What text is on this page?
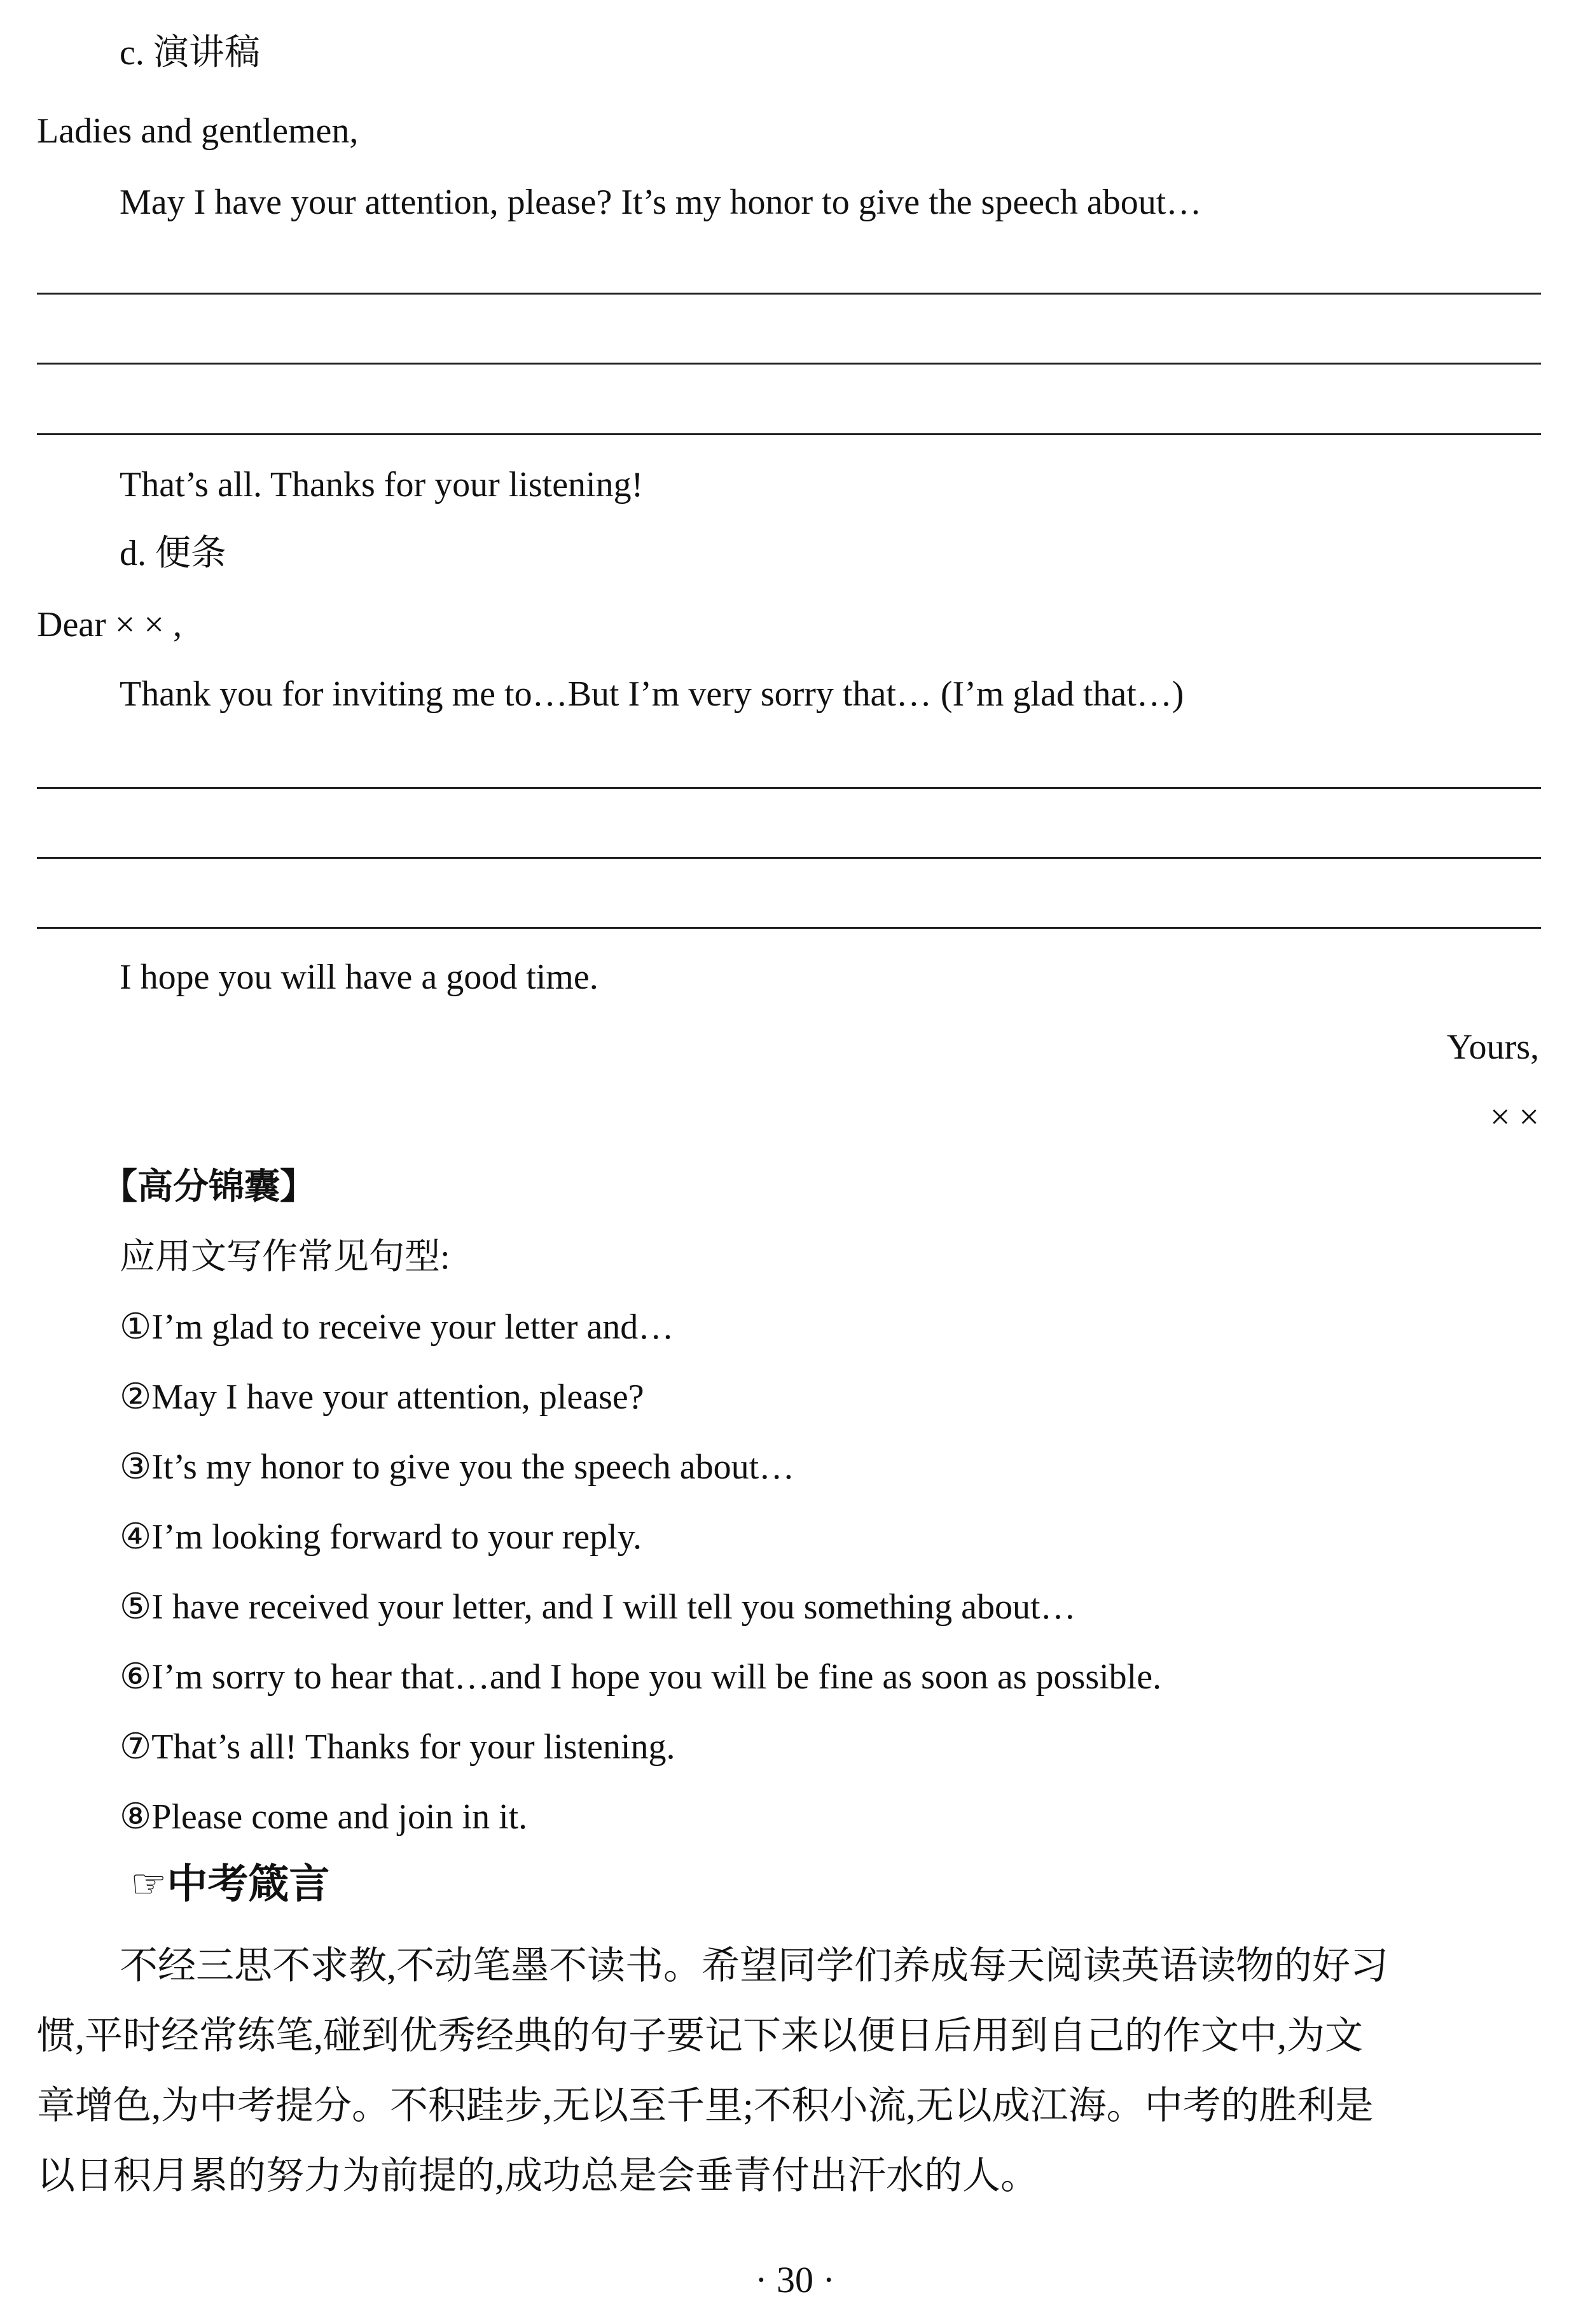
c. 演讲稿
Ladies and gentlemen,
May I have your attention, please? It’s my honor to give the speech about…
That’s all. Thanks for your listening!
d. 便条
Dear × × ,
Thank you for inviting me to…But I’m very sorry that… (I’m glad that…)
I hope you will have a good time.
Yours,
× ×
【高分锦囊】
应用文写作常见句型:
①I’m glad to receive your letter and…
②May I have your attention, please?
③It’s my honor to give you the speech about…
④I’m looking forward to your reply.
⑤I have received your letter, and I will tell you something about…
⑥I’m sorry to hear that…and I hope you will be fine as soon as possible.
⑦That’s all! Thanks for your listening.
⑧Please come and join in it.
☞中考箴言
不经三思不求教,不动笔墨不读书。希望同学们养成每天阅读英语读物的好习
惯,平时经常练笔,碰到优秀经典的句子要记下来以便日后用到自己的作文中,为文
章增色,为中考提分。不积跬步,无以至千里;不积小流,无以成江海。中考的胜利是
以日积月累的努力为前提的,成功总是会垂青付出汗水的人。
· 30 ·
